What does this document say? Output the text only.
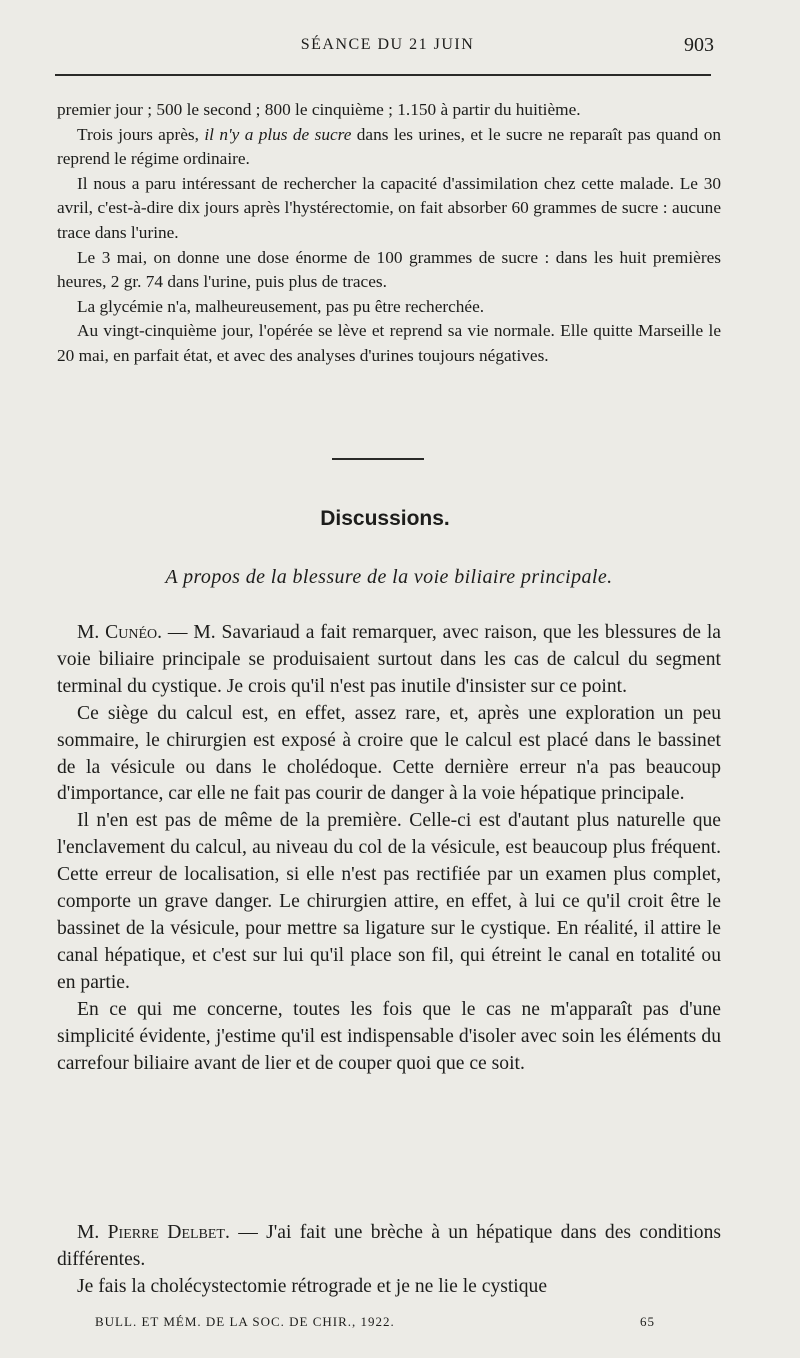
SÉANCE DU 21 JUIN	903

premier jour ; 500 le second ; 800 le cinquième ; 1.150 à partir du huitième.

Trois jours après, il n'y a plus de sucre dans les urines, et le sucre ne reparaît pas quand on reprend le régime ordinaire.

Il nous a paru intéressant de rechercher la capacité d'assimilation chez cette malade. Le 30 avril, c'est-à-dire dix jours après l'hystérectomie, on fait absorber 60 grammes de sucre : aucune trace dans l'urine.

Le 3 mai, on donne une dose énorme de 100 grammes de sucre : dans les huit premières heures, 2 gr. 74 dans l'urine, puis plus de traces.

La glycémie n'a, malheureusement, pas pu être recherchée.

Au vingt-cinquième jour, l'opérée se lève et reprend sa vie normale. Elle quitte Marseille le 20 mai, en parfait état, et avec des analyses d'urines toujours négatives.

Discussions.
A propos de la blessure de la voie biliaire principale.

M. Cunéo. — M. Savariaud a fait remarquer, avec raison, que les blessures de la voie biliaire principale se produisaient surtout dans les cas de calcul du segment terminal du cystique. Je crois qu'il n'est pas inutile d'insister sur ce point.

Ce siège du calcul est, en effet, assez rare, et, après une exploration un peu sommaire, le chirurgien est exposé à croire que le calcul est placé dans le bassinet de la vésicule ou dans le cholédoque. Cette dernière erreur n'a pas beaucoup d'importance, car elle ne fait pas courir de danger à la voie hépatique principale.

Il n'en est pas de même de la première. Celle-ci est d'autant plus naturelle que l'enclavement du calcul, au niveau du col de la vésicule, est beaucoup plus fréquent. Cette erreur de localisation, si elle n'est pas rectifiée par un examen plus complet, comporte un grave danger. Le chirurgien attire, en effet, à lui ce qu'il croit être le bassinet de la vésicule, pour mettre sa ligature sur le cystique. En réalité, il attire le canal hépatique, et c'est sur lui qu'il place son fil, qui étreint le canal en totalité ou en partie.

En ce qui me concerne, toutes les fois que le cas ne m'apparaît pas d'une simplicité évidente, j'estime qu'il est indispensable d'isoler avec soin les éléments du carrefour biliaire avant de lier et de couper quoi que ce soit.

M. Pierre Delbet. — J'ai fait une brèche à un hépatique dans des conditions différentes.

Je fais la cholécystectomie rétrograde et je ne lie le cystique

BULL. ET MÉM. DE LA SOC. DE CHIR., 1922.	65
